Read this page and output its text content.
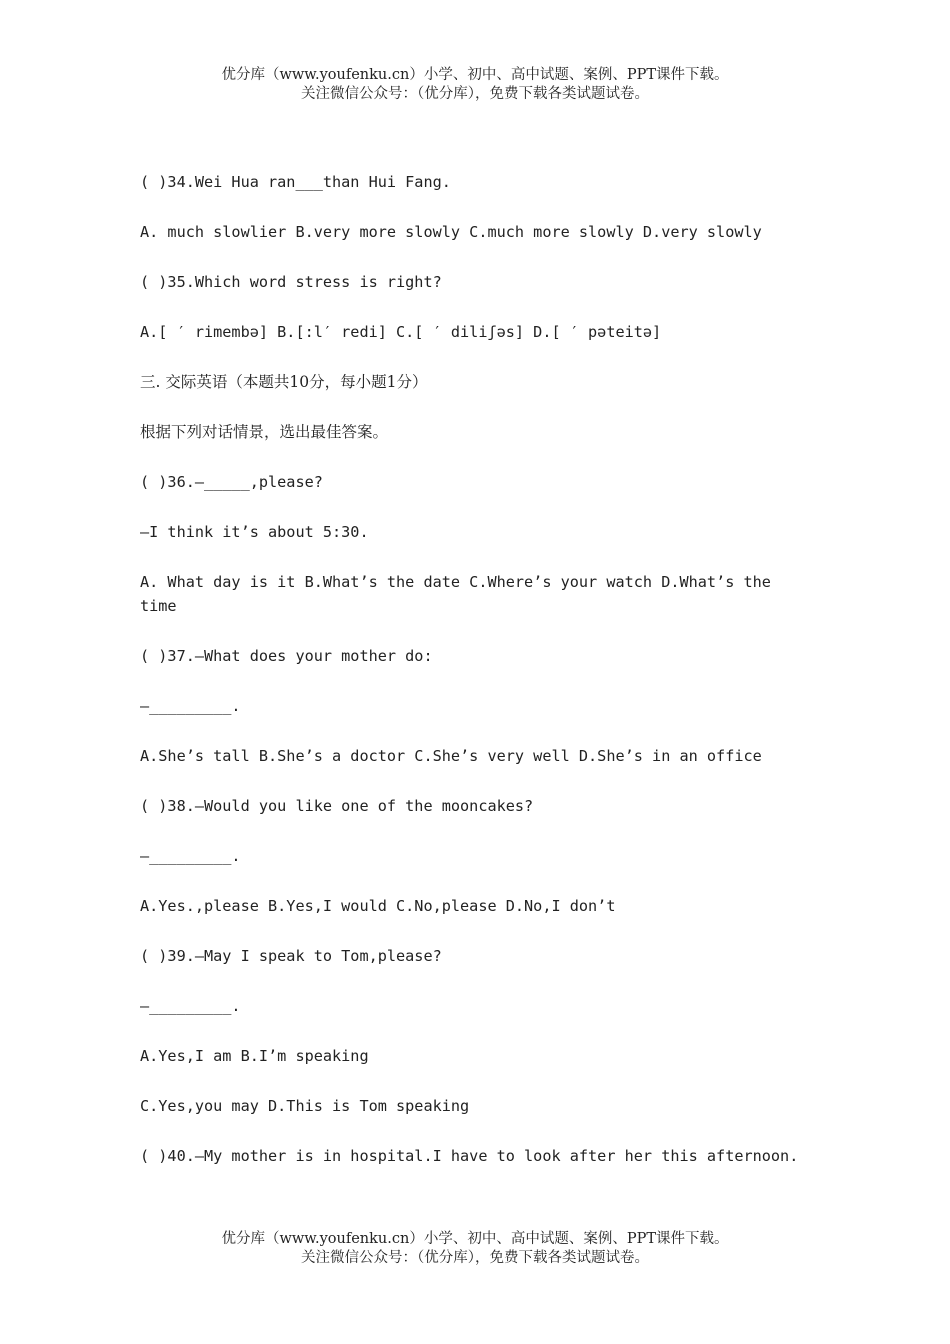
优分库（www.youfenku.cn）小学、初中、高中试题、案例、PPT课件下载。
关注微信公众号：（优分库），免费下载各类试题试卷。

( )34.Wei Hua ran___than Hui Fang.

A. much slowlier B.very more slowly C.much more slowly D.very slowly

( )35.Which word stress is right?

A.[ ′ rimembə] B.[:l′ redi] C.[ ′ diliʃəs] D.[ ′ pəteitə]

三. 交际英语（本题共10分，每小题1分）

根据下列对话情景，选出最佳答案。

( )36.—_____,please?

—I think it’s about 5:30.

A. What day is it B.What’s the date C.Where’s your watch D.What’s the time

( )37.—What does your mother do:

—_________.

A.She’s tall B.She’s a doctor C.She’s very well D.She’s in an office

( )38.—Would you like one of the mooncakes?

—_________.

A.Yes.,please B.Yes,I would C.No,please D.No,I don’t

( )39.—May I speak to Tom,please?

—_________.

A.Yes,I am B.I’m speaking

C.Yes,you may D.This is Tom speaking

( )40.—My mother is in hospital.I have to look after her this afternoon.

优分库（www.youfenku.cn）小学、初中、高中试题、案例、PPT课件下载。
关注微信公众号：（优分库），免费下载各类试题试卷。
